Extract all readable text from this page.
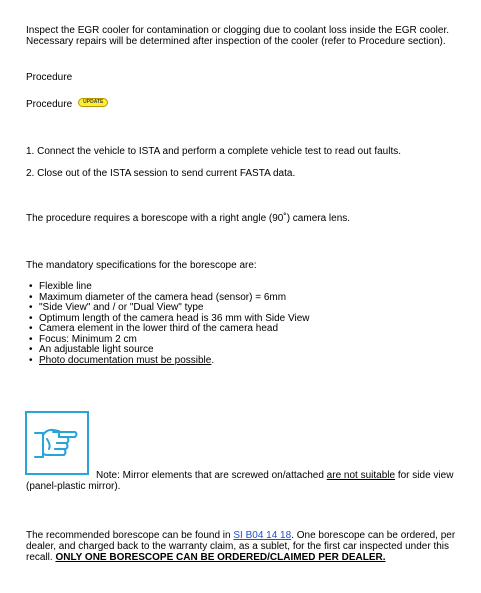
Inspect the EGR cooler for contamination or clogging due to coolant loss inside the EGR cooler. Necessary repairs will be determined after inspection of the cooler (refer to Procedure section).

Procedure

Procedure UPDATE

1. Connect the vehicle to ISTA and perform a complete vehicle test to read out faults.

2. Close out of the ISTA session to send current FASTA data.

The procedure requires a borescope with a right angle (90˚) camera lens.

The mandatory specifications for the borescope are:

• Flexible line
• Maximum diameter of the camera head (sensor) = 6mm
• "Side View" and / or "Dual View" type
• Optimum length of the camera head is 36 mm with Side View
• Camera element in the lower third of the camera head
• Focus: Minimum 2 cm
• An adjustable light source
• Photo documentation must be possible.

Note: Mirror elements that are screwed on/attached are not suitable for side view (panel-plastic mirror).

The recommended borescope can be found in SI B04 14 18. One borescope can be ordered, per dealer, and charged back to the warranty claim, as a sublet, for the first car inspected under this recall. ONLY ONE BORESCOPE CAN BE ORDERED/CLAIMED PER DEALER.
